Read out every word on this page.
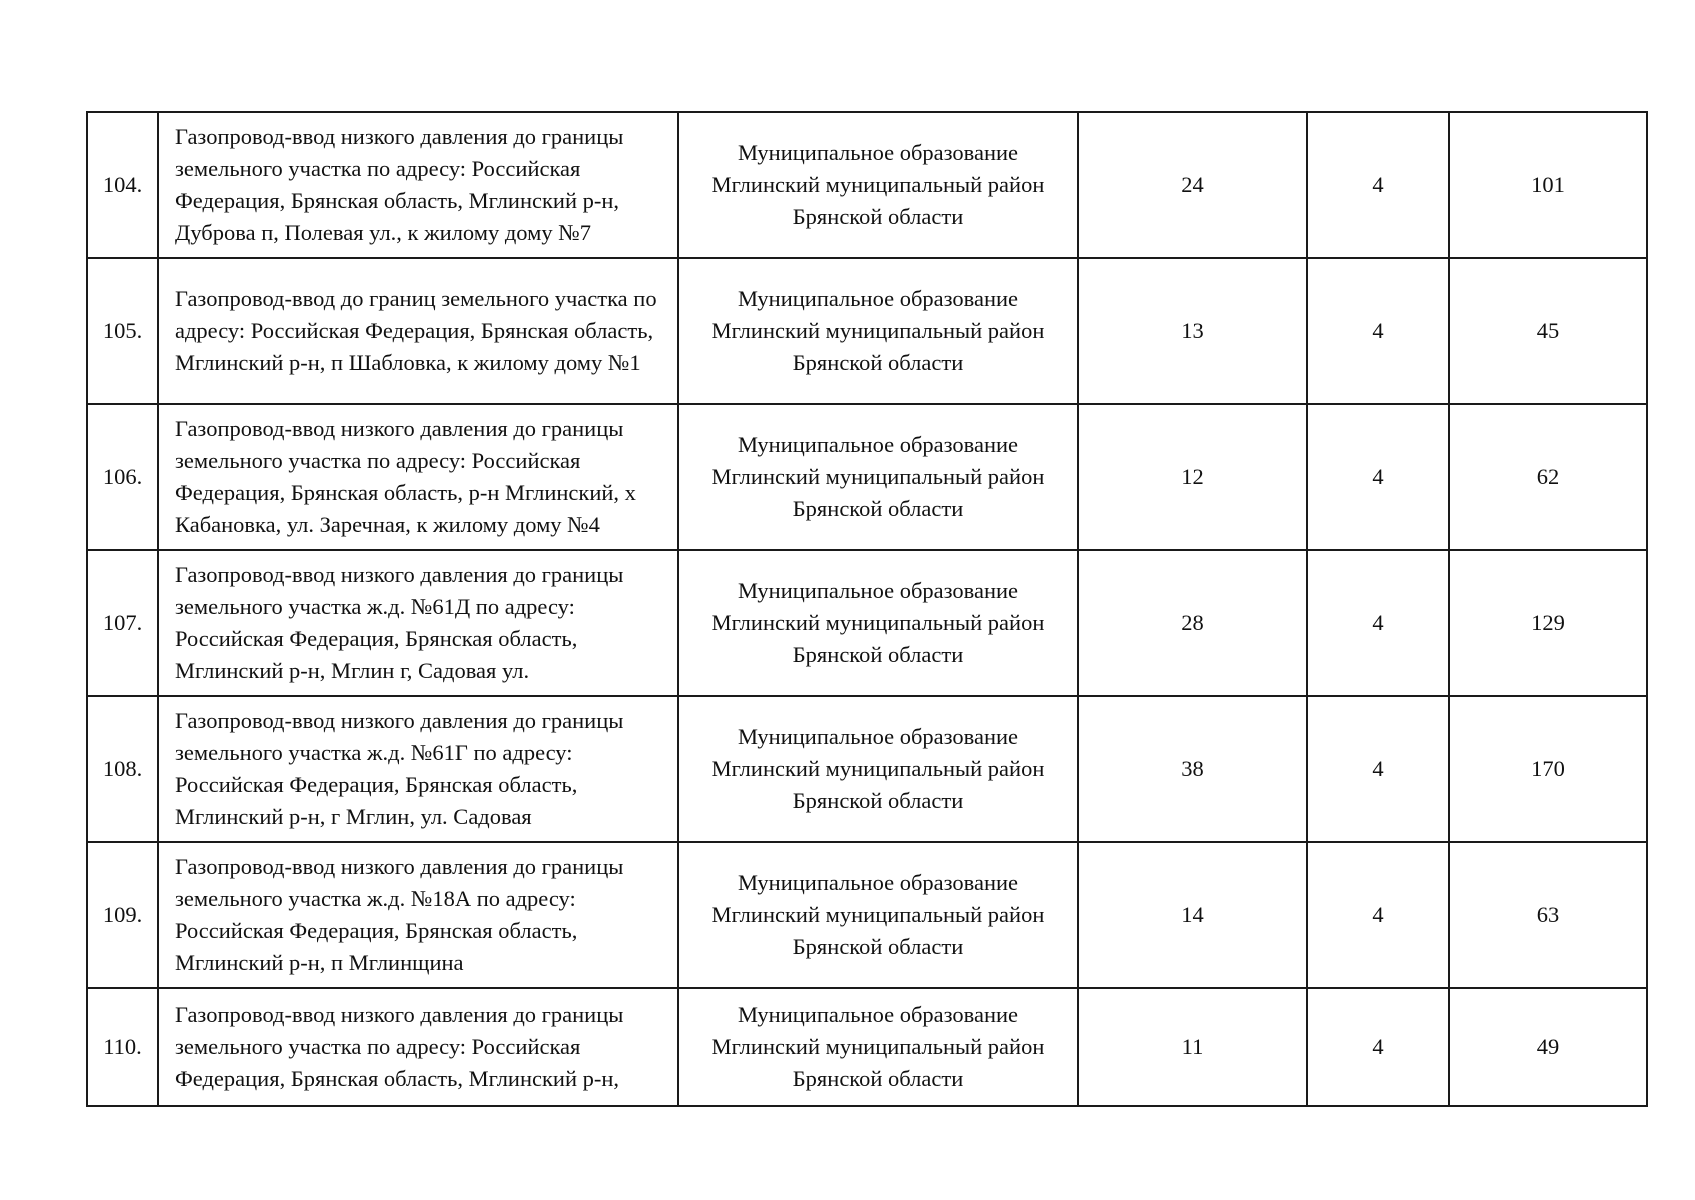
104.	Газопровод-ввод низкого давления до границы земельного участка по адресу: Российская Федерация, Брянская область, Мглинский р-н, Дуброва п, Полевая ул., к жилому дому №7	Муниципальное образование
Мглинский муниципальный район
Брянской области	24	4	101
105.	Газопровод-ввод до границ земельного участка по адресу: Российская Федерация, Брянская область, Мглинский р-н, п Шабловка, к жилому дому №1	Муниципальное образование
Мглинский муниципальный район
Брянской области	13	4	45
106.	Газопровод-ввод низкого давления до границы земельного участка по адресу: Российская Федерация, Брянская область, р-н Мглинский, х Кабановка, ул. Заречная, к жилому дому №4	Муниципальное образование
Мглинский муниципальный район
Брянской области	12	4	62
107.	Газопровод-ввод низкого давления до границы земельного участка ж.д. №61Д по адресу: Российская Федерация, Брянская область, Мглинский р-н, Мглин г, Садовая ул.	Муниципальное образование
Мглинский муниципальный район
Брянской области	28	4	129
108.	Газопровод-ввод низкого давления до границы земельного участка ж.д. №61Г по адресу: Российская Федерация, Брянская область, Мглинский р-н, г Мглин, ул. Садовая	Муниципальное образование
Мглинский муниципальный район
Брянской области	38	4	170
109.	Газопровод-ввод низкого давления до границы земельного участка ж.д. №18А по адресу: Российская Федерация, Брянская область, Мглинский р-н, п Мглинщина	Муниципальное образование
Мглинский муниципальный район
Брянской области	14	4	63
110.	Газопровод-ввод низкого давления до границы земельного участка по адресу: Российская Федерация, Брянская область, Мглинский р-н,	Муниципальное образование
Мглинский муниципальный район
Брянской области	11	4	49
